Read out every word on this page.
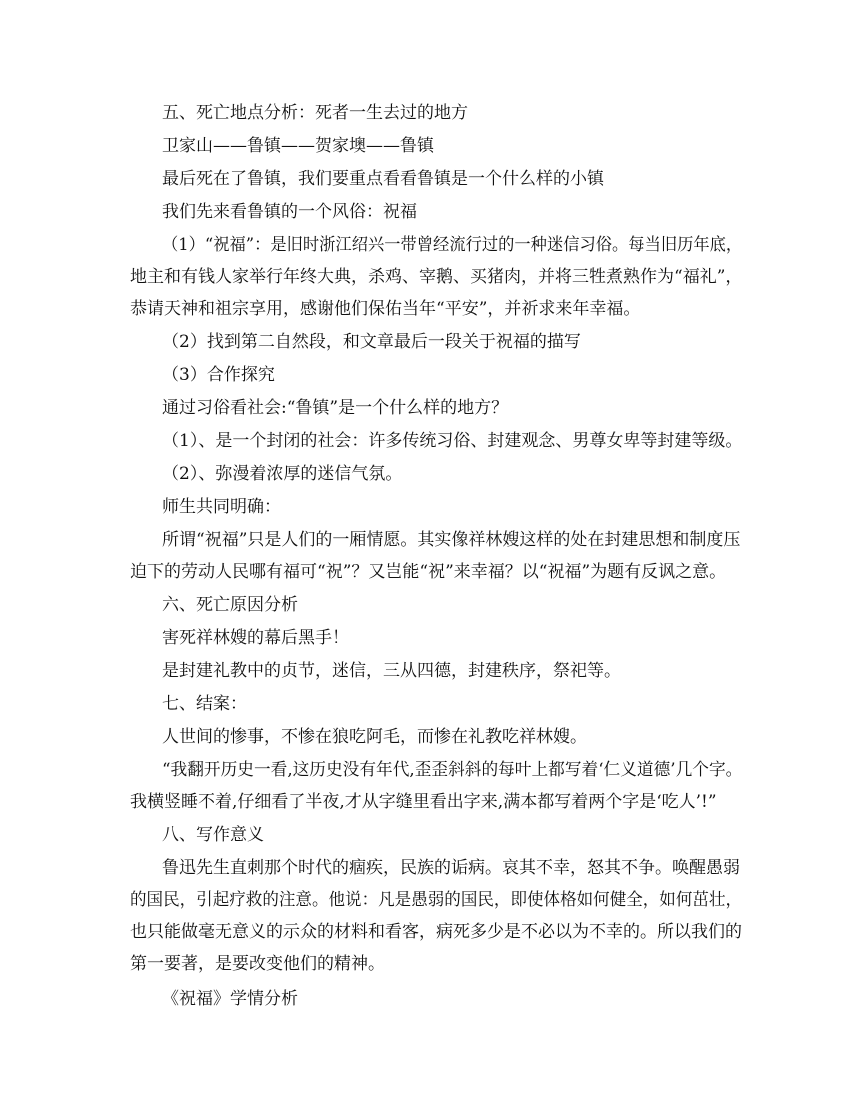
五、死亡地点分析：死者一生去过的地方
卫家山——鲁镇——贺家墺——鲁镇
最后死在了鲁镇，我们要重点看看鲁镇是一个什么样的小镇
我们先来看鲁镇的一个风俗：祝福
（1）“祝福”：是旧时浙江绍兴一带曾经流行过的一种迷信习俗。每当旧历年底，
地主和有钱人家举行年终大典，杀鸡、宰鹅、买猪肉，并将三牲煮熟作为“福礼”，
恭请天神和祖宗享用，感谢他们保佑当年“平安”，并祈求来年幸福。
（2）找到第二自然段，和文章最后一段关于祝福的描写
（3）合作探究
通过习俗看社会:“鲁镇”是一个什么样的地方？
（1）、是一个封闭的社会：许多传统习俗、封建观念、男尊女卑等封建等级。
（2）、弥漫着浓厚的迷信气氛。
师生共同明确：
所谓“祝福”只是人们的一厢情愿。其实像祥林嫂这样的处在封建思想和制度压
迫下的劳动人民哪有福可“祝”？又岂能“祝”来幸福？以“祝福”为题有反讽之意。
六、死亡原因分析
害死祥林嫂的幕后黑手！
是封建礼教中的贞节，迷信，三从四德，封建秩序，祭祀等。
七、结案：
人世间的惨事，不惨在狼吃阿毛，而惨在礼教吃祥林嫂。
“我翻开历史一看,这历史没有年代,歪歪斜斜的每叶上都写着‘仁义道德’几个字。
我横竖睡不着,仔细看了半夜,才从字缝里看出字来,满本都写着两个字是‘吃人’!”
八、写作意义
鲁迅先生直刺那个时代的痼疾，民族的诟病。哀其不幸，怒其不争。唤醒愚弱
的国民，引起疗救的注意。他说：凡是愚弱的国民，即使体格如何健全，如何茁壮，
也只能做毫无意义的示众的材料和看客，病死多少是不必以为不幸的。所以我们的
第一要著，是要改变他们的精神。
《祝福》学情分析
